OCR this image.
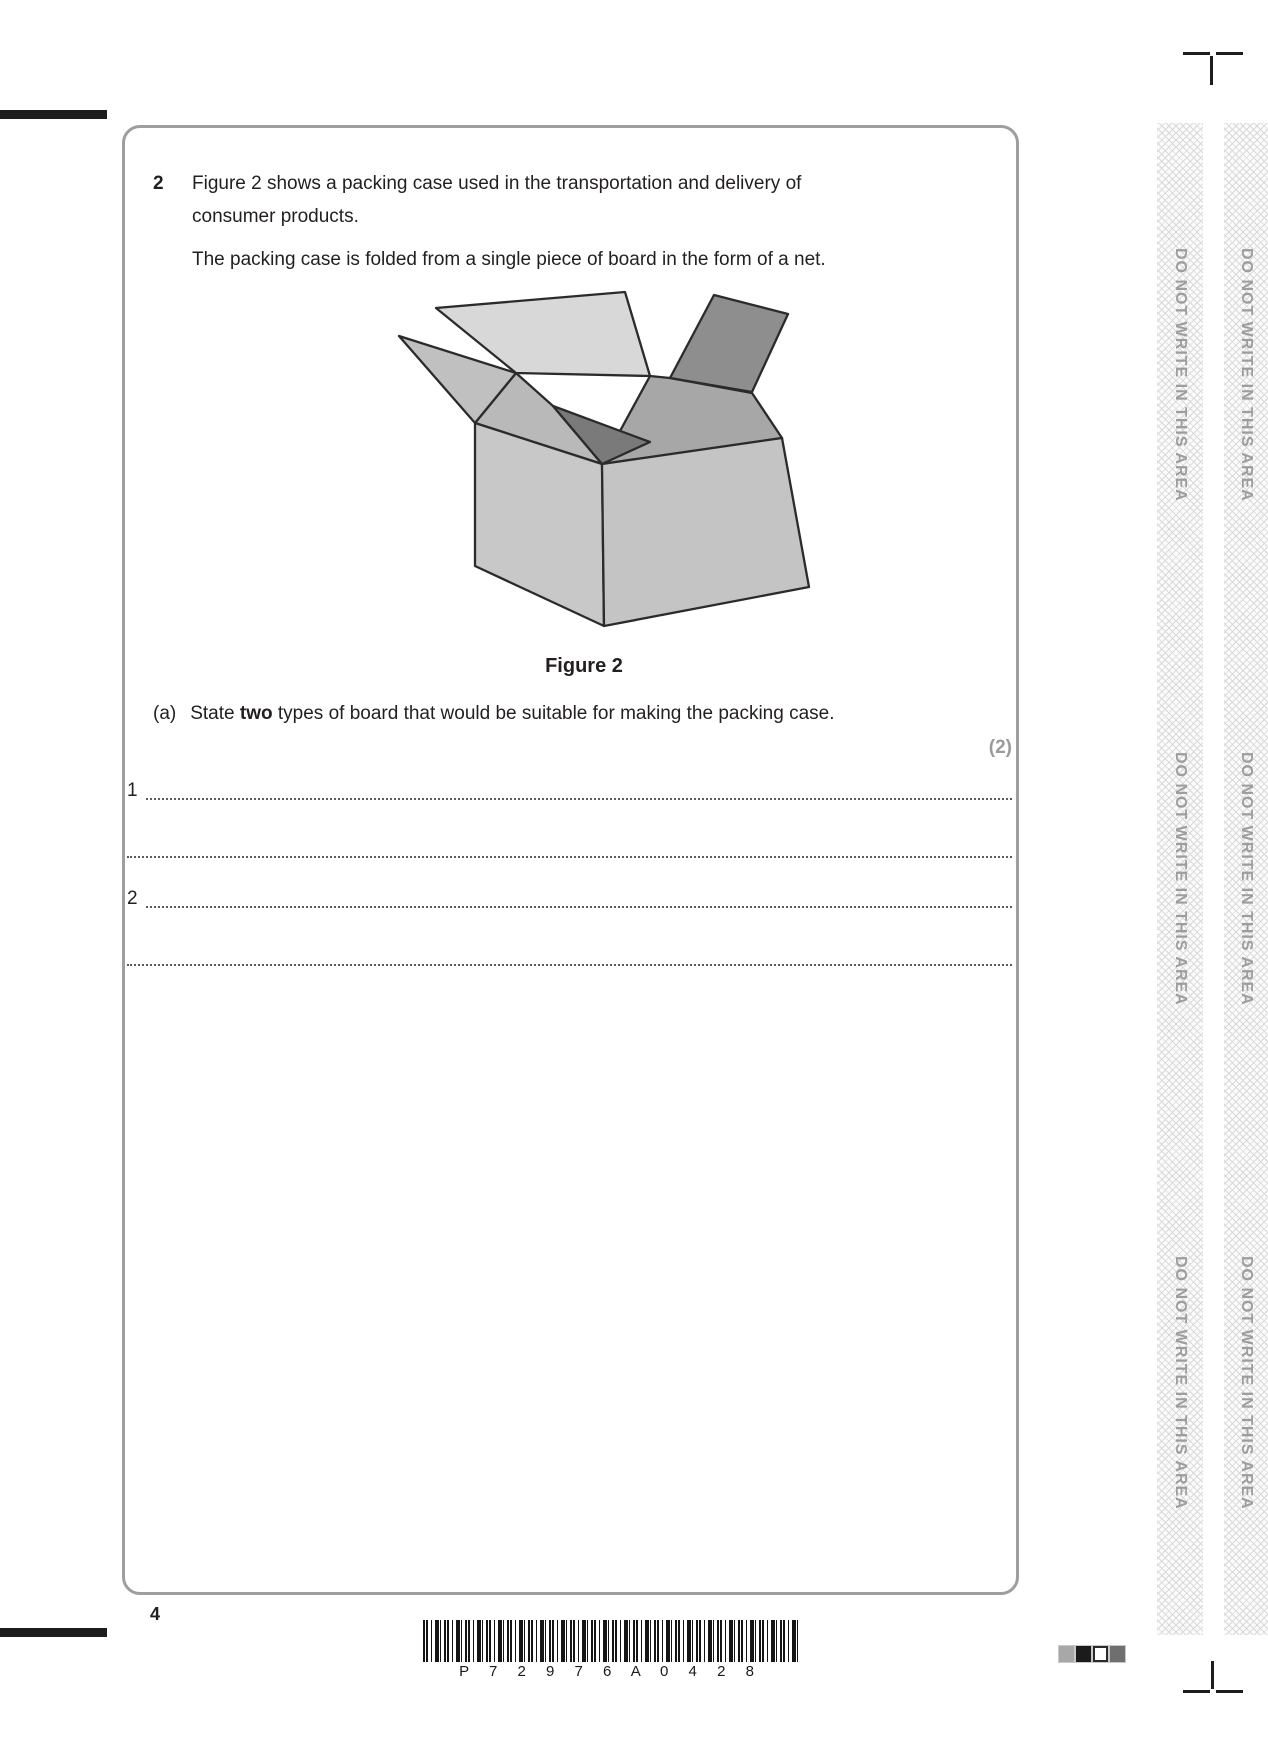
2 Figure 2 shows a packing case used in the transportation and delivery of
consumer products.
The packing case is folded from a single piece of board in the form of a net.
Figure 2
(a) State two types of board that would be suitable for making the packing case.
(2)
1
2
DO NOT WRITE IN THIS AREA
DO NOT WRITE IN THIS AREA
DO NOT WRITE IN THIS AREA
DO NOT WRITE IN THIS AREA
DO NOT WRITE IN THIS AREA
DO NOT WRITE IN THIS AREA
4
P 7 2 9 7 6 A 0 4 2 8
